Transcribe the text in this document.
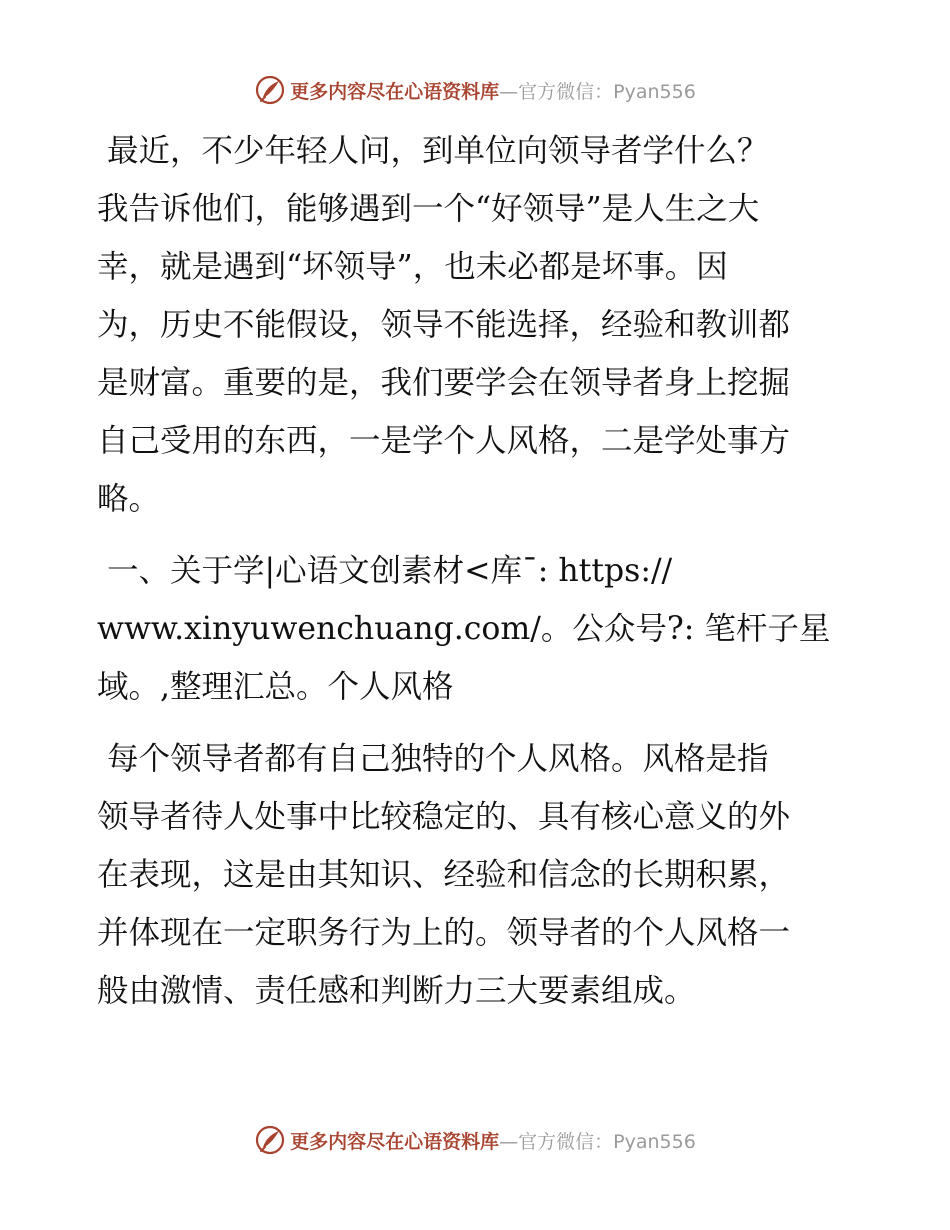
更多内容尽在心语资料库 —官方微信：Pyan556

最近，不少年轻人问，到单位向领导者学什么？
我告诉他们，能够遇到一个“好领导”是人生之大
幸，就是遇到“坏领导”，也未必都是坏事。因
为，历史不能假设，领导不能选择，经验和教训都
是财富。重要的是，我们要学会在领导者身上挖掘
自己受用的东西，一是学个人风格，二是学处事方
略。

一、关于学|心语文创素材<库¯: https://
www.xinyuwenchuang.com/。公众号?: 笔杆子星
域。,整理汇总。个人风格

每个领导者都有自己独特的个人风格。风格是指
领导者待人处事中比较稳定的、具有核心意义的外
在表现，这是由其知识、经验和信念的长期积累，
并体现在一定职务行为上的。领导者的个人风格一
般由激情、责任感和判断力三大要素组成。

更多内容尽在心语资料库 —官方微信：Pyan556
